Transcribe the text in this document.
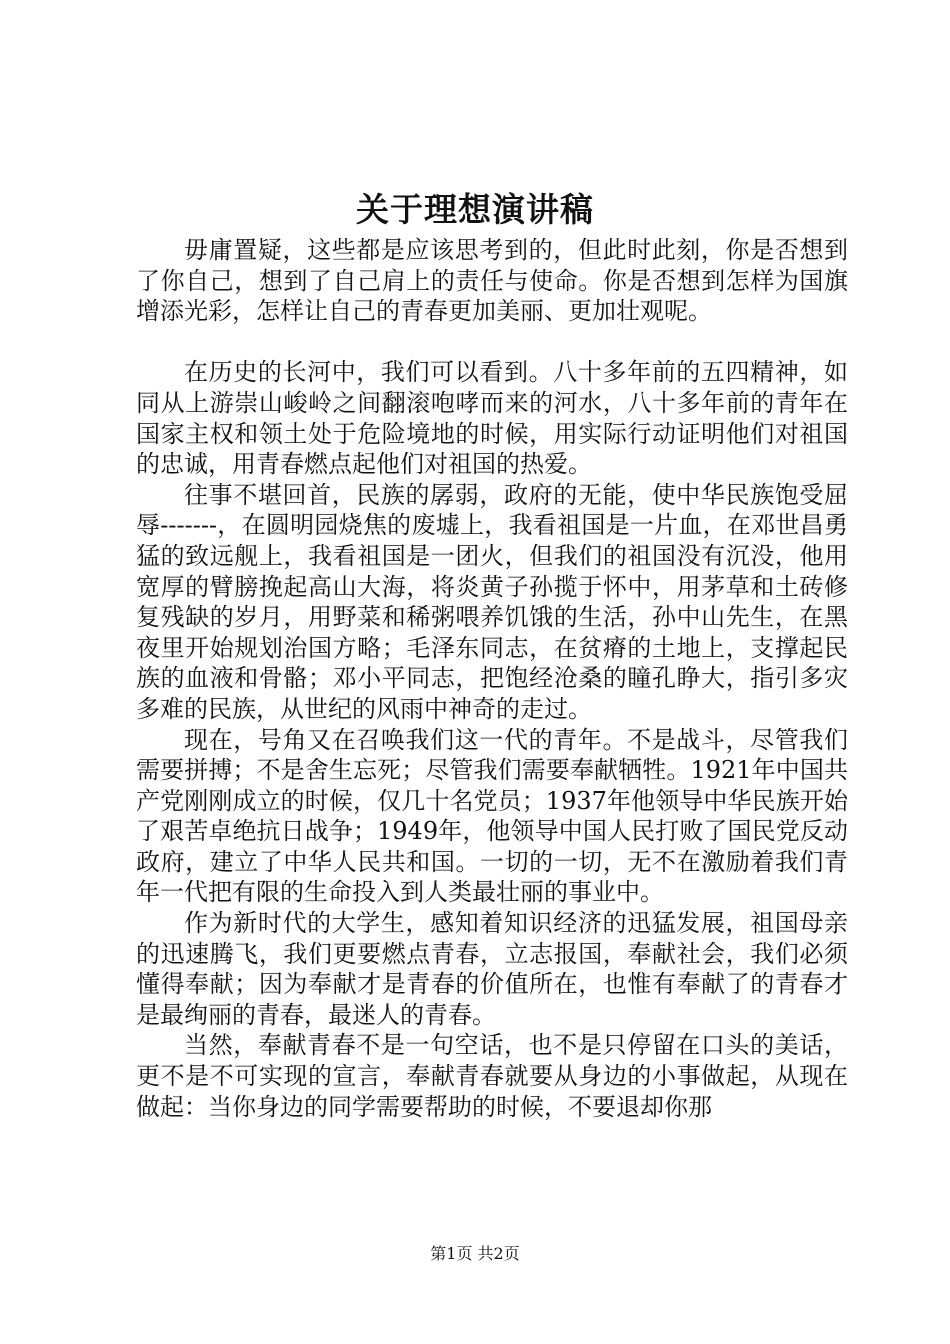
关于理想演讲稿

毋庸置疑，这些都是应该思考到的，但此时此刻，你是否想到了你自己，想到了自己肩上的责任与使命。你是否想到怎样为国旗增添光彩，怎样让自己的青春更加美丽、更加壮观呢。

在历史的长河中，我们可以看到。八十多年前的五四精神，如同从上游崇山峻岭之间翻滚咆哮而来的河水，八十多年前的青年在国家主权和领土处于危险境地的时候，用实际行动证明他们对祖国的忠诚，用青春燃点起他们对祖国的热爱。

往事不堪回首，民族的孱弱，政府的无能，使中华民族饱受屈辱-------，在圆明园烧焦的废墟上，我看祖国是一片血，在邓世昌勇猛的致远舰上，我看祖国是一团火，但我们的祖国没有沉没，他用宽厚的臂膀挽起高山大海，将炎黄子孙揽于怀中，用茅草和土砖修复残缺的岁月，用野菜和稀粥喂养饥饿的生活，孙中山先生，在黑夜里开始规划治国方略；毛泽东同志，在贫瘠的土地上，支撑起民族的血液和骨骼；邓小平同志，把饱经沧桑的瞳孔睁大，指引多灾多难的民族，从世纪的风雨中神奇的走过。

现在，号角又在召唤我们这一代的青年。不是战斗，尽管我们需要拼搏；不是舍生忘死；尽管我们需要奉献牺牲。1921年中国共产党刚刚成立的时候，仅几十名党员；1937年他领导中华民族开始了艰苦卓绝抗日战争；1949年，他领导中国人民打败了国民党反动政府，建立了中华人民共和国。一切的一切，无不在激励着我们青年一代把有限的生命投入到人类最壮丽的事业中。

作为新时代的大学生，感知着知识经济的迅猛发展，祖国母亲的迅速腾飞，我们更要燃点青春，立志报国，奉献社会，我们必须懂得奉献；因为奉献才是青春的价值所在，也惟有奉献了的青春才是最绚丽的青春，最迷人的青春。

当然，奉献青春不是一句空话，也不是只停留在口头的美话，更不是不可实现的宣言，奉献青春就要从身边的小事做起，从现在做起：当你身边的同学需要帮助的时候，不要退却你那

第1页 共2页
